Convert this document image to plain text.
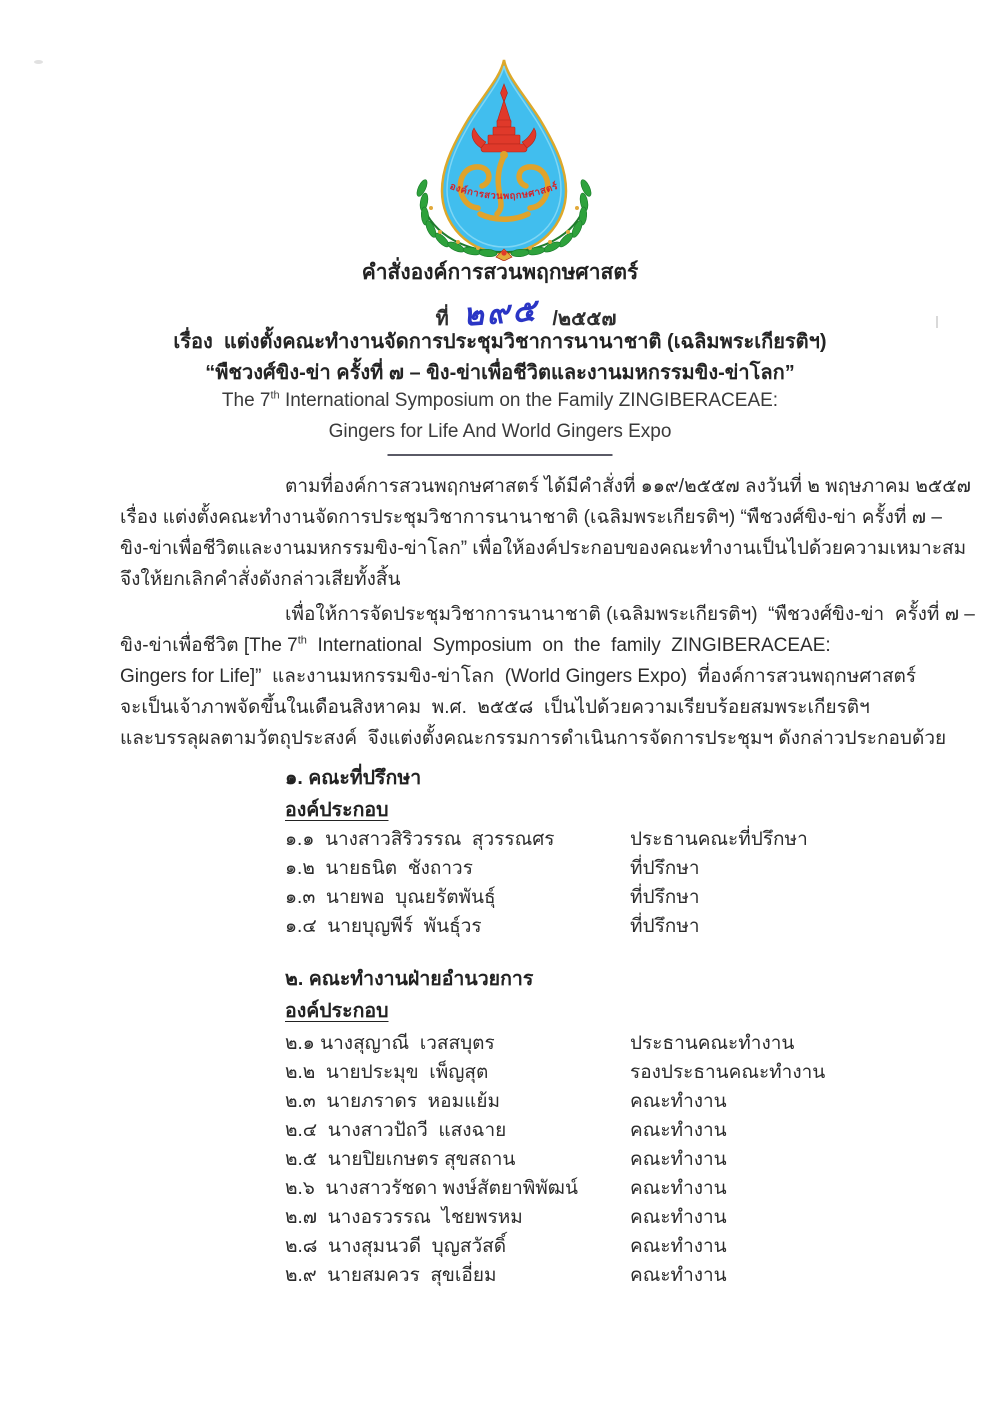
องค์การสวนพฤกษศาสตร์
คำสั่งองค์การสวนพฤกษศาสตร์
ที่ ๒๙๕ /๒๕๕๗
เรื่อง  แต่งตั้งคณะทำงานจัดการประชุมวิชาการนานาชาติ (เฉลิมพระเกียรติฯ)
“พืชวงศ์ขิง-ข่า ครั้งที่ ๗ – ขิง-ข่าเพื่อชีวิตและงานมหกรรมขิง-ข่าโลก”
The 7th International Symposium on the Family ZINGIBERACEAE:
Gingers for Life And World Gingers Expo
ตามที่องค์การสวนพฤกษศาสตร์ ได้มีคำสั่งที่ ๑๑๙/๒๕๕๗ ลงวันที่ ๒ พฤษภาคม ๒๕๕๗
เรื่อง แต่งตั้งคณะทำงานจัดการประชุมวิชาการนานาชาติ (เฉลิมพระเกียรติฯ) “พืชวงศ์ขิง-ข่า ครั้งที่ ๗ –
ขิง-ข่าเพื่อชีวิตและงานมหกรรมขิง-ข่าโลก” เพื่อให้องค์ประกอบของคณะทำงานเป็นไปด้วยความเหมาะสม
จึงให้ยกเลิกคำสั่งดังกล่าวเสียทั้งสิ้น
เพื่อให้การจัดประชุมวิชาการนานาชาติ (เฉลิมพระเกียรติฯ)  “พืชวงศ์ขิง-ข่า  ครั้งที่ ๗ –
ขิง-ข่าเพื่อชีวิต [The 7th  International  Symposium  on  the  family  ZINGIBERACEAE:
Gingers for Life]”  และงานมหกรรมขิง-ข่าโลก  (World Gingers Expo)  ที่องค์การสวนพฤกษศาสตร์
จะเป็นเจ้าภาพจัดขึ้นในเดือนสิงหาคม  พ.ศ.  ๒๕๕๘  เป็นไปด้วยความเรียบร้อยสมพระเกียรติฯ
และบรรลุผลตามวัตถุประสงค์  จึงแต่งตั้งคณะกรรมการดำเนินการจัดการประชุมฯ ดังกล่าวประกอบด้วย
๑. คณะที่ปรึกษา
องค์ประกอบ
๑.๑  นางสาวสิริวรรณ  สุวรรณศร	ประธานคณะที่ปรึกษา
๑.๒  นายธนิต  ชังถาวร	ที่ปรึกษา
๑.๓  นายพอ  บุณยรัตพันธุ์	ที่ปรึกษา
๑.๔  นายบุญพีร์  พันธุ์วร	ที่ปรึกษา
๒. คณะทำงานฝ่ายอำนวยการ
องค์ประกอบ
๒.๑ นางสุญาณี  เวสสบุตร	ประธานคณะทำงาน
๒.๒  นายประมุข  เพ็ญสุต	รองประธานคณะทำงาน
๒.๓  นายภราดร  หอมแย้ม	คณะทำงาน
๒.๔  นางสาวปัถวี  แสงฉาย	คณะทำงาน
๒.๕  นายปิยเกษตร สุขสถาน	คณะทำงาน
๒.๖  นางสาวรัชดา พงษ์สัตยาพิพัฒน์	คณะทำงาน
๒.๗  นางอรวรรณ  ไชยพรหม	คณะทำงาน
๒.๘  นางสุมนวดี  บุญสวัสดิ์	คณะทำงาน
๒.๙  นายสมควร  สุขเอี่ยม	คณะทำงาน
